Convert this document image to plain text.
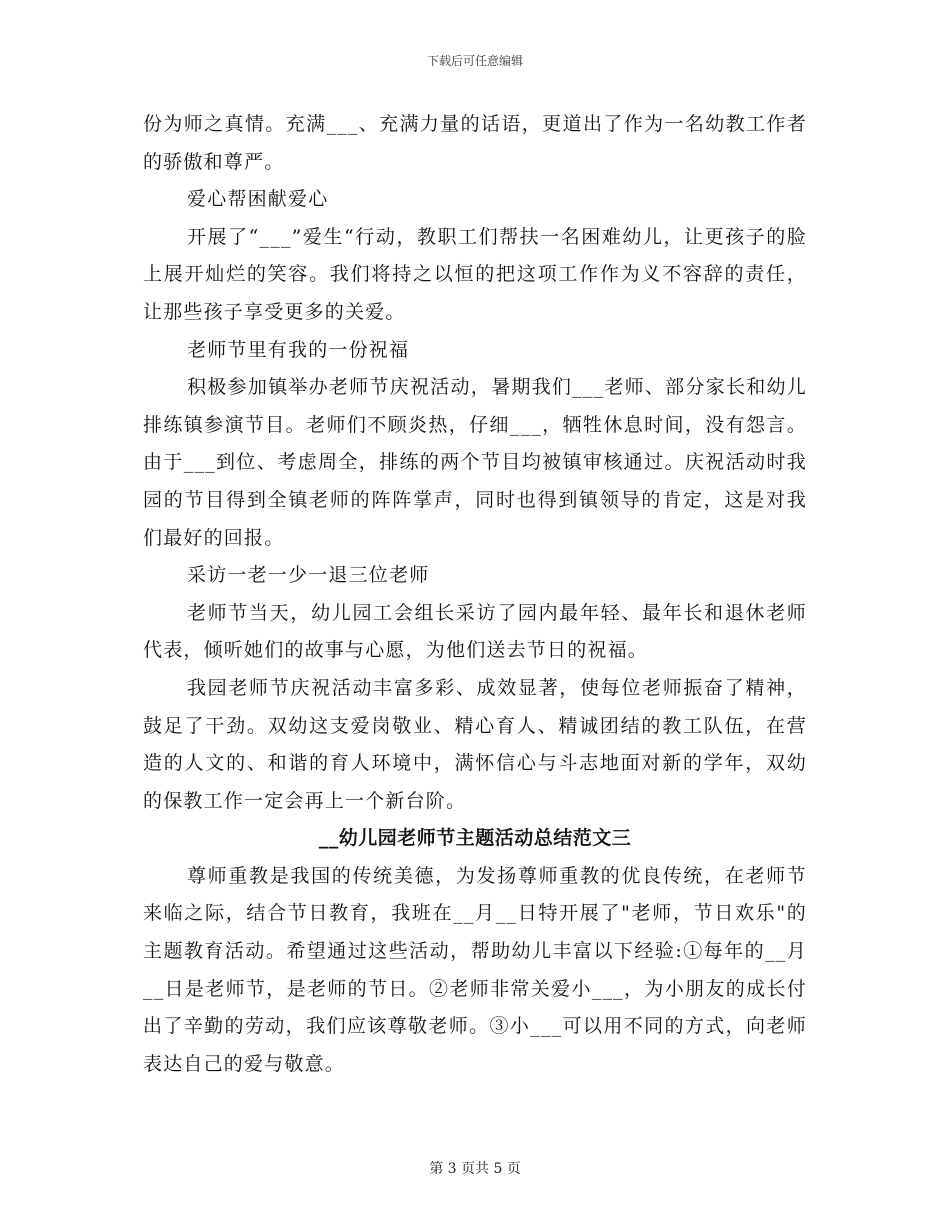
下载后可任意编辑

份为师之真情。充满___、充满力量的话语，更道出了作为一名幼教工作者的骄傲和尊严。

爱心帮困献爱心

开展了“___”爱生“行动，教职工们帮扶一名困难幼儿，让更孩子的脸上展开灿烂的笑容。我们将持之以恒的把这项工作作为义不容辞的责任，让那些孩子享受更多的关爱。

老师节里有我的一份祝福

积极参加镇举办老师节庆祝活动，暑期我们___老师、部分家长和幼儿排练镇参演节目。老师们不顾炎热，仔细___，牺牲休息时间，没有怨言。由于___到位、考虑周全，排练的两个节目均被镇审核通过。庆祝活动时我园的节目得到全镇老师的阵阵掌声，同时也得到镇领导的肯定，这是对我们最好的回报。

采访一老一少一退三位老师

老师节当天，幼儿园工会组长采访了园内最年轻、最年长和退休老师代表，倾听她们的故事与心愿，为他们送去节日的祝福。

我园老师节庆祝活动丰富多彩、成效显著，使每位老师振奋了精神，鼓足了干劲。双幼这支爱岗敬业、精心育人、精诚团结的教工队伍，在营造的人文的、和谐的育人环境中，满怀信心与斗志地面对新的学年，双幼的保教工作一定会再上一个新台阶。

__幼儿园老师节主题活动总结范文三

尊师重教是我国的传统美德，为发扬尊师重教的优良传统，在老师节来临之际，结合节日教育，我班在__月__日特开展了"老师，节日欢乐"的主题教育活动。希望通过这些活动，帮助幼儿丰富以下经验:①每年的__月__日是老师节，是老师的节日。②老师非常关爱小___，为小朋友的成长付出了辛勤的劳动，我们应该尊敬老师。③小___可以用不同的方式，向老师表达自己的爱与敬意。

第 3 页共 5 页
